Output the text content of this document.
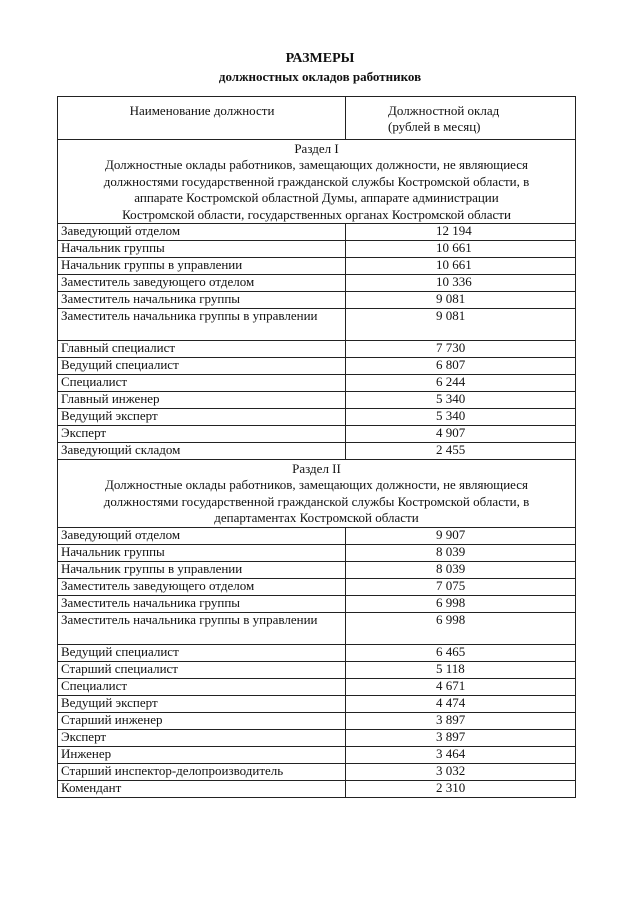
РАЗМЕРЫ
должностных окладов работников
Наименование должности	Должностной оклад
(рублей в месяц)

Раздел I
Должностные оклады работников, замещающих должности, не являющиеся
должностями государственной гражданской службы Костромской области, в
аппарате Костромской областной Думы, аппарате администрации
Костромской области, государственных органах Костромской области	

Заведующий отделом	12 194
Начальник группы	10 661
Начальник группы в управлении	10 661
Заместитель заведующего отделом	10 336
Заместитель начальника группы	9 081
Заместитель начальника группы в управлении	9 081
Главный специалист	7 730
Ведущий специалист	6 807
Специалист	6 244
Главный инженер	5 340
Ведущий эксперт	5 340
Эксперт	4 907
Заведующий складом	2 455

Раздел II
Должностные оклады работников, замещающих должности, не являющиеся
должностями государственной гражданской службы Костромской области, в
департаментах Костромской области	

Заведующий отделом	9 907
Начальник группы	8 039
Начальник группы в управлении	8 039
Заместитель заведующего отделом	7 075
Заместитель начальника группы	6 998
Заместитель начальника группы в управлении	6 998
Ведущий специалист	6 465
Старший специалист	5 118
Специалист	4 671
Ведущий эксперт	4 474
Старший инженер	3 897
Эксперт	3 897
Инженер	3 464
Старший инспектор-делопроизводитель	3 032
Комендант	2 310
